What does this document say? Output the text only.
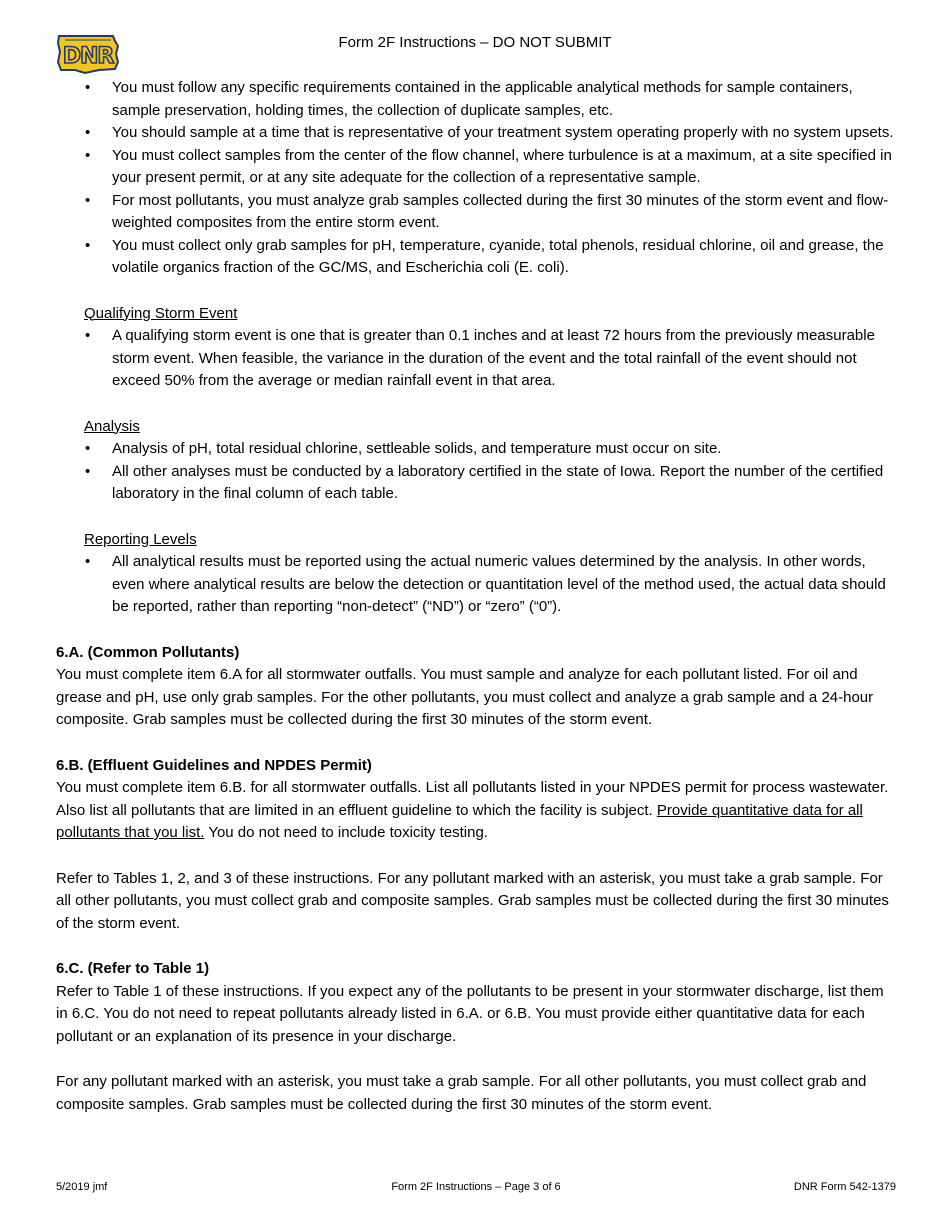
DNR
Form 2F Instructions – DO NOT SUBMIT
• You must follow any specific requirements contained in the applicable analytical methods for sample containers, sample preservation, holding times, the collection of duplicate samples, etc.
• You should sample at a time that is representative of your treatment system operating properly with no system upsets.
• You must collect samples from the center of the flow channel, where turbulence is at a maximum, at a site specified in your present permit, or at any site adequate for the collection of a representative sample.
• For most pollutants, you must analyze grab samples collected during the first 30 minutes of the storm event and flow-weighted composites from the entire storm event.
• You must collect only grab samples for pH, temperature, cyanide, total phenols, residual chlorine, oil and grease, the volatile organics fraction of the GC/MS, and Escherichia coli (E. coli).
Qualifying Storm Event
• A qualifying storm event is one that is greater than 0.1 inches and at least 72 hours from the previously measurable storm event. When feasible, the variance in the duration of the event and the total rainfall of the event should not exceed 50% from the average or median rainfall event in that area.
Analysis
• Analysis of pH, total residual chlorine, settleable solids, and temperature must occur on site.
• All other analyses must be conducted by a laboratory certified in the state of Iowa. Report the number of the certified laboratory in the final column of each table.
Reporting Levels
• All analytical results must be reported using the actual numeric values determined by the analysis. In other words, even where analytical results are below the detection or quantitation level of the method used, the actual data should be reported, rather than reporting “non-detect” (“ND”) or “zero” (“0”).
6.A. (Common Pollutants)

You must complete item 6.A for all stormwater outfalls. You must sample and analyze for each pollutant listed. For oil and grease and pH, use only grab samples. For the other pollutants, you must collect and analyze a grab sample and a 24-hour composite. Grab samples must be collected during the first 30 minutes of the storm event.

6.B. (Effluent Guidelines and NPDES Permit)

You must complete item 6.B. for all stormwater outfalls. List all pollutants listed in your NPDES permit for process wastewater. Also list all pollutants that are limited in an effluent guideline to which the facility is subject. Provide quantitative data for all pollutants that you list. You do not need to include toxicity testing.

Refer to Tables 1, 2, and 3 of these instructions. For any pollutant marked with an asterisk, you must take a grab sample. For all other pollutants, you must collect grab and composite samples. Grab samples must be collected during the first 30 minutes of the storm event.

6.C. (Refer to Table 1)

Refer to Table 1 of these instructions. If you expect any of the pollutants to be present in your stormwater discharge, list them in 6.C. You do not need to repeat pollutants already listed in 6.A. or 6.B. You must provide either quantitative data for each pollutant or an explanation of its presence in your discharge.

For any pollutant marked with an asterisk, you must take a grab sample. For all other pollutants, you must collect grab and composite samples. Grab samples must be collected during the first 30 minutes of the storm event.

5/2019 jmf	Form 2F Instructions – Page 3 of 6	DNR Form 542-1379
